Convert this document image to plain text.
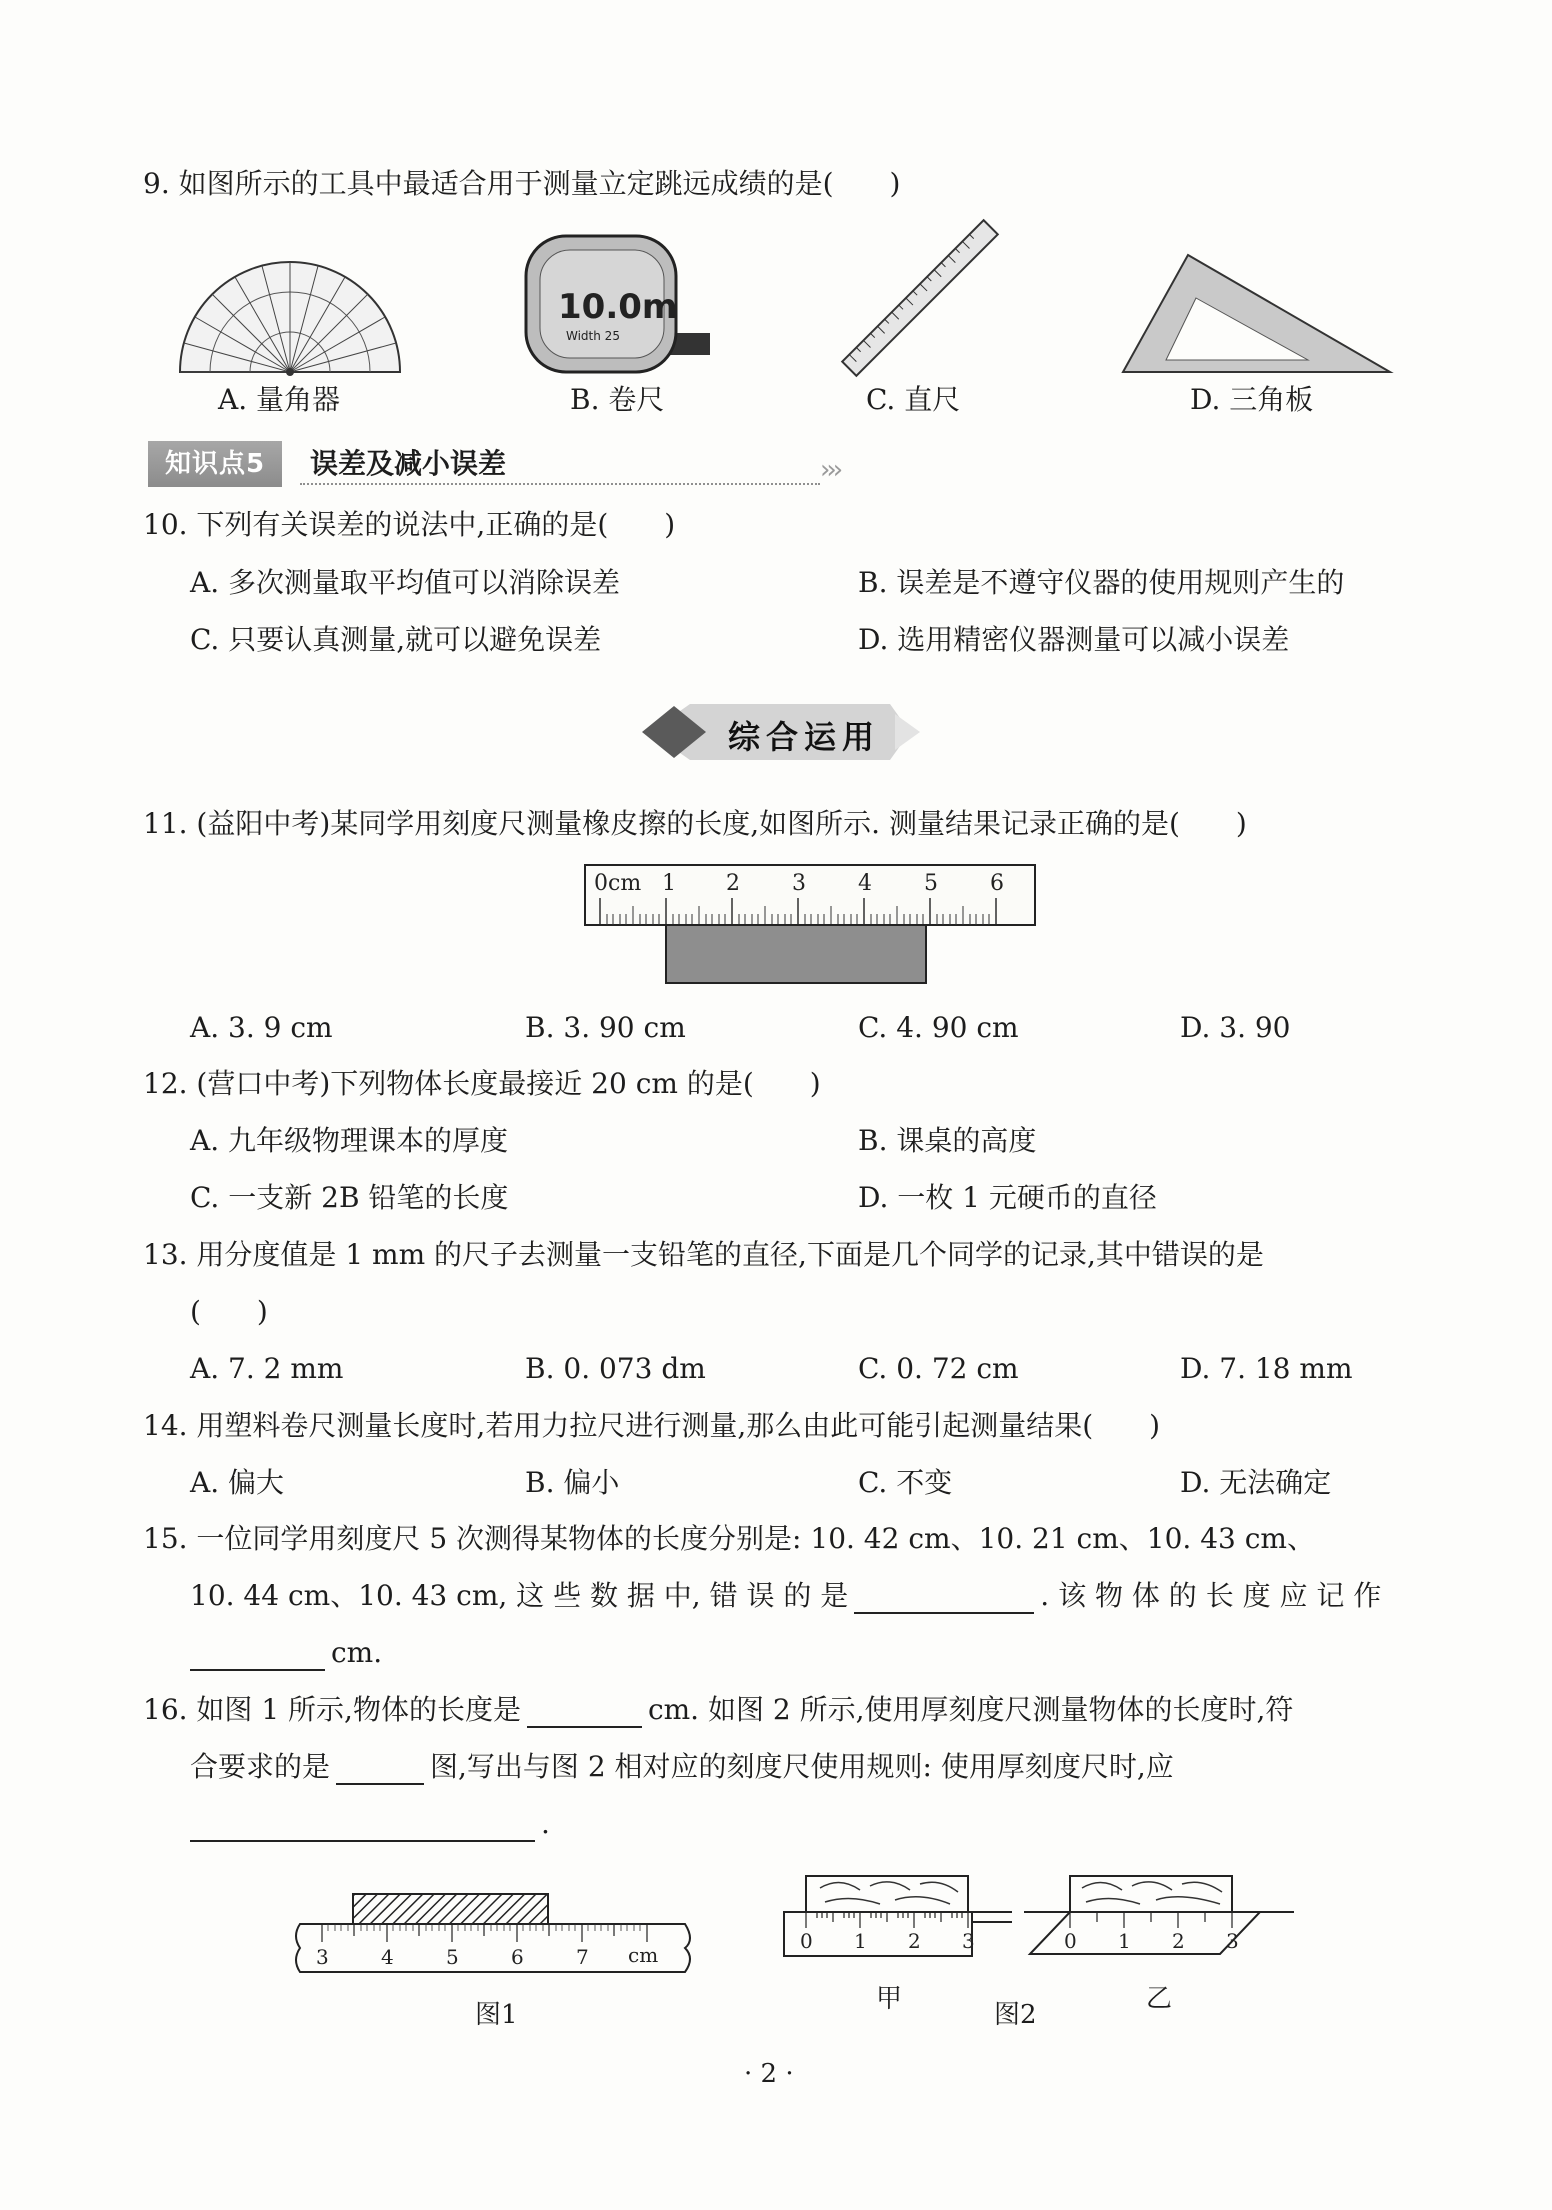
9. 如图所示的工具中最适合用于测量立定跳远成绩的是(　　)
A. 量角器
10.0m
Width 25
B. 卷尺	C. 直尺	D. 三角板
知识点5	误差及减小误差	›››
10. 下列有关误差的说法中,正确的是(　　)
A. 多次测量取平均值可以消除误差	B. 误差是不遵守仪器的使用规则产生的
C. 只要认真测量,就可以避免误差	D. 选用精密仪器测量可以减小误差
综合运用
11. (益阳中考)某同学用刻度尺测量橡皮擦的长度,如图所示. 测量结果记录正确的是(　　)
0cm 1 2 3 4 5 6
A. 3. 9 cm	B. 3. 90 cm	C. 4. 90 cm	D. 3. 90
12. (营口中考)下列物体长度最接近 20 cm 的是(　　)
A. 九年级物理课本的厚度	B. 课桌的高度
C. 一支新 2B 铅笔的长度	D. 一枚 1 元硬币的直径
13. 用分度值是 1 mm 的尺子去测量一支铅笔的直径,下面是几个同学的记录,其中错误的是
(　　)
A. 7. 2 mm	B. 0. 073 dm	C. 0. 72 cm	D. 7. 18 mm
14. 用塑料卷尺测量长度时,若用力拉尺进行测量,那么由此可能引起测量结果(　　)
A. 偏大	B. 偏小	C. 不变	D. 无法确定
15. 一位同学用刻度尺 5 次测得某物体的长度分别是: 10. 42 cm、10. 21 cm、10. 43 cm、
10. 44 cm、10. 43 cm, 这 些 数 据 中, 错 误 的 是	. 该 物 体 的 长 度 应 记 作
cm.
16. 如图 1 所示,物体的长度是	cm. 如图 2 所示,使用厚刻度尺测量物体的长度时,符
合要求的是	图,写出与图 2 相对应的刻度尺使用规则: 使用厚刻度尺时,应
.
3	4	5	6	7 cm
图1
0 1 2 3	0 1 2 3
甲
图2
乙
· 2 ·
